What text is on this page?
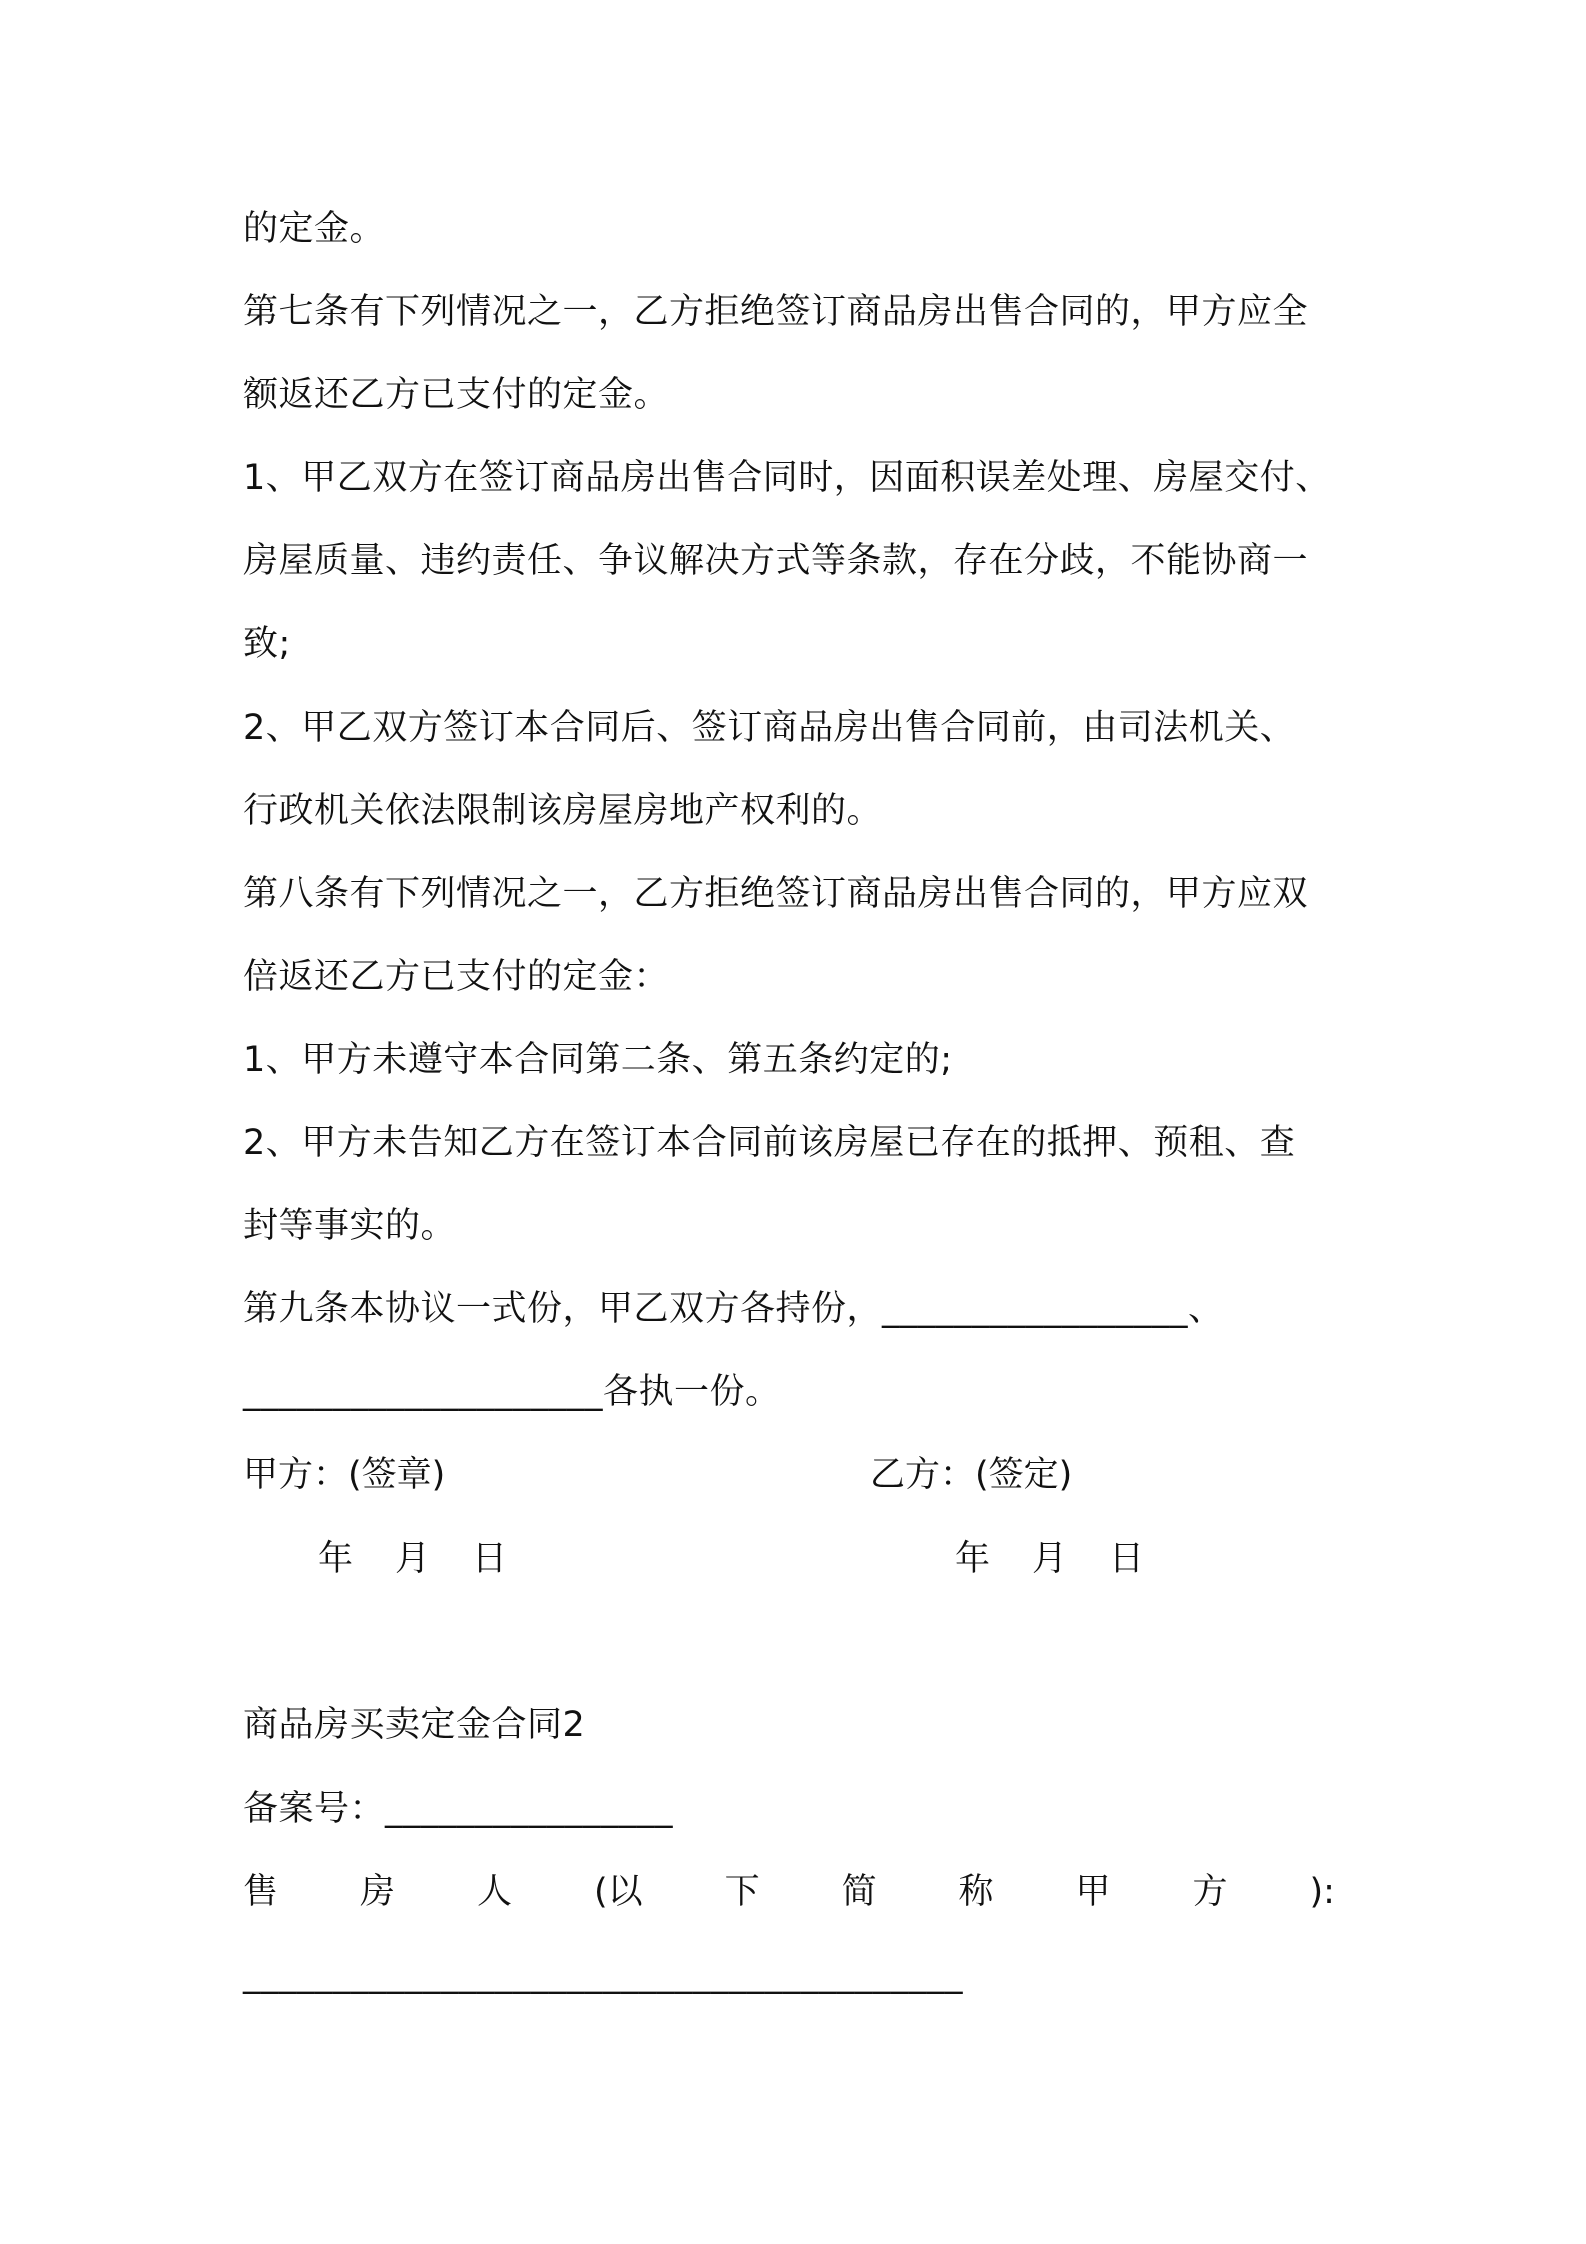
的定金。
第七条有下列情况之一，乙方拒绝签订商品房出售合同的，甲方应全
额返还乙方已支付的定金。
1、甲乙双方在签订商品房出售合同时，因面积误差处理、房屋交付、
房屋质量、违约责任、争议解决方式等条款，存在分歧，不能协商一
致;
2、甲乙双方签订本合同后、签订商品房出售合同前，由司法机关、
行政机关依法限制该房屋房地产权利的。
第八条有下列情况之一，乙方拒绝签订商品房出售合同的，甲方应双
倍返还乙方已支付的定金：
1、甲方未遵守本合同第二条、第五条约定的;
2、甲方未告知乙方在签订本合同前该房屋已存在的抵押、预租、查
封等事实的。
第九条本协议一式份，甲乙双方各持份，_________________、
____________________各执一份。
甲方：(签章)	乙方：(签定)
年 月 日	年 月 日
商品房买卖定金合同2
备案号：________________
售 房 人 (以 下 简 称 甲 方 ):
________________________________________
